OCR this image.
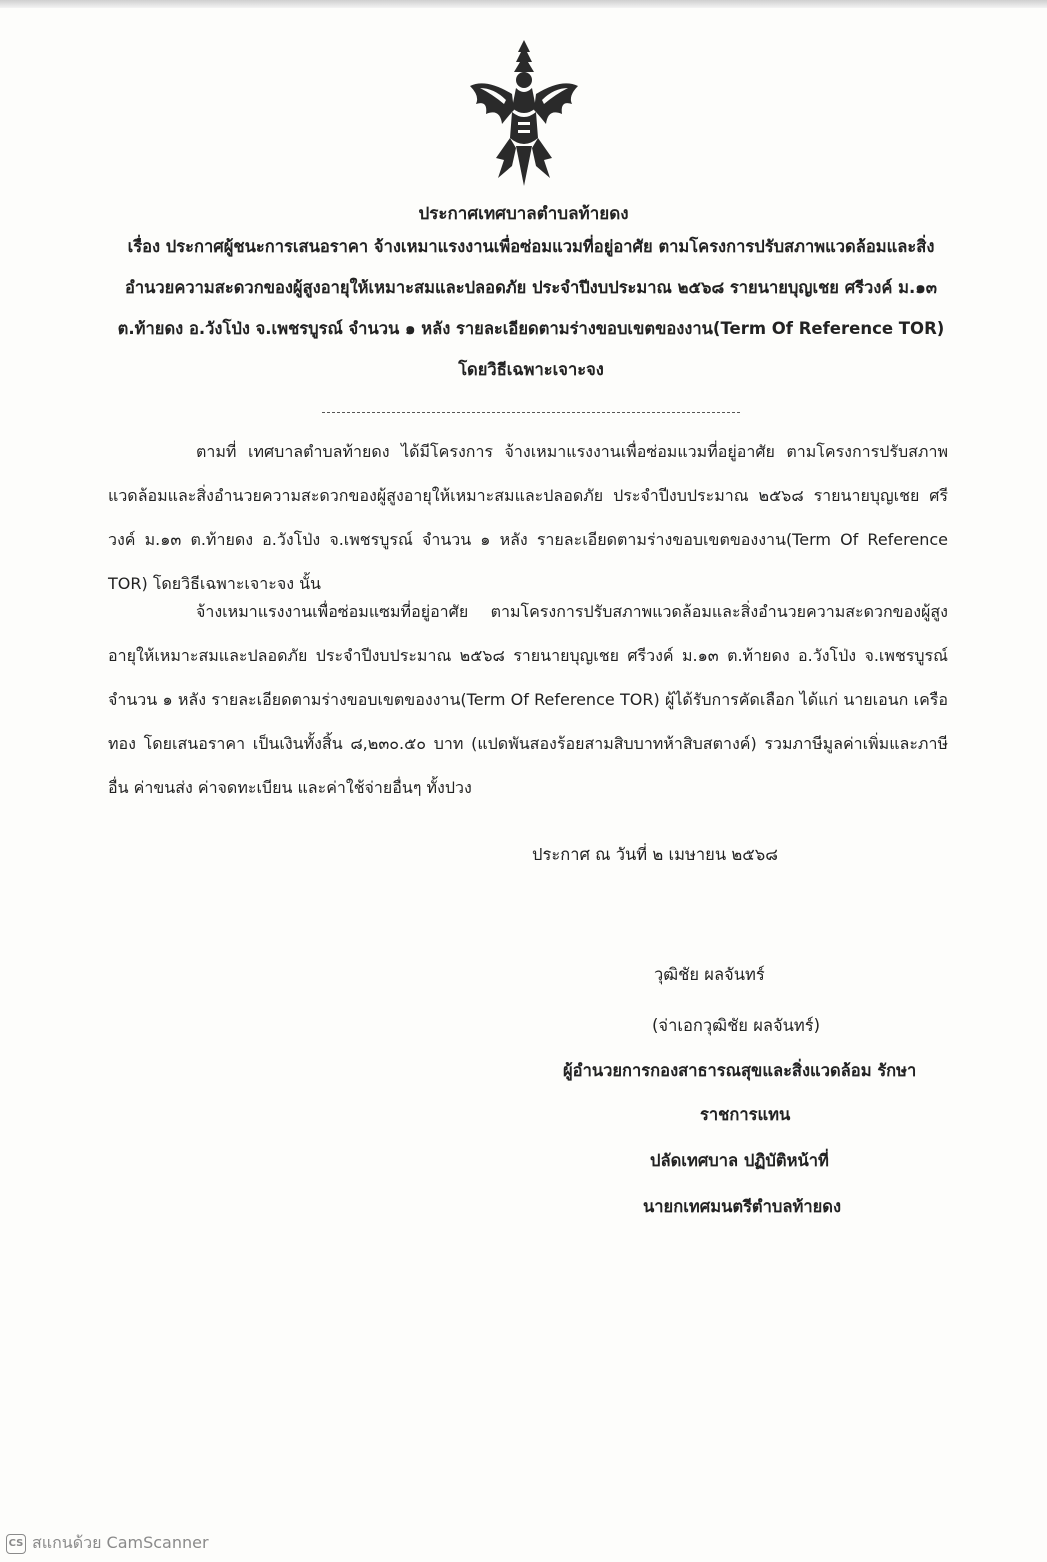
ประกาศเทศบาลตำบลท้ายดง
เรื่อง ประกาศผู้ชนะการเสนอราคา จ้างเหมาแรงงานเพื่อซ่อมแวมที่อยู่อาศัย ตามโครงการปรับสภาพแวดล้อมและสิ่งอำนวยความสะดวกของผู้สูงอายุให้เหมาะสมและปลอดภัย ประจำปีงบประมาณ ๒๕๖๘ รายนายบุญเชย ศรีวงค์ ม.๑๓ ต.ท้ายดง อ.วังโป่ง จ.เพชรบูรณ์ จำนวน ๑ หลัง รายละเอียดตามร่างขอบเขตของงาน(Term Of Reference TOR) โดยวิธีเฉพาะเจาะจง
ตามที่ เทศบาลตำบลท้ายดง ได้มีโครงการ จ้างเหมาแรงงานเพื่อซ่อมแวมที่อยู่อาศัย ตามโครงการปรับสภาพแวดล้อมและสิ่งอำนวยความสะดวกของผู้สูงอายุให้เหมาะสมและปลอดภัย ประจำปีงบประมาณ ๒๕๖๘ รายนายบุญเชย ศรีวงค์ ม.๑๓ ต.ท้ายดง อ.วังโป่ง จ.เพชรบูรณ์ จำนวน ๑ หลัง รายละเอียดตามร่างขอบเขตของงาน(Term Of Reference TOR) โดยวิธีเฉพาะเจาะจง นั้น
จ้างเหมาแรงงานเพื่อซ่อมแซมที่อยู่อาศัย ตามโครงการปรับสภาพแวดล้อมและสิ่งอำนวยความสะดวกของผู้สูงอายุให้เหมาะสมและปลอดภัย ประจำปีงบประมาณ ๒๕๖๘ รายนายบุญเชย ศรีวงค์ ม.๑๓ ต.ท้ายดง อ.วังโป่ง จ.เพชรบูรณ์ จำนวน ๑ หลัง รายละเอียดตามร่างขอบเขตของงาน(Term Of Reference TOR) ผู้ได้รับการคัดเลือก ได้แก่ นายเอนก เครือทอง โดยเสนอราคา เป็นเงินทั้งสิ้น ๘,๒๓๐.๕๐ บาท (แปดพันสองร้อยสามสิบบาทห้าสิบสตางค์) รวมภาษีมูลค่าเพิ่มและภาษีอื่น ค่าขนส่ง ค่าจดทะเบียน และค่าใช้จ่ายอื่นๆ ทั้งปวง
ประกาศ ณ วันที่ ๒ เมษายน ๒๕๖๘
วุฒิชัย ผลจันทร์
(จ่าเอกวุฒิชัย ผลจันทร์)
ผู้อำนวยการกองสาธารณสุขและสิ่งแวดล้อม รักษา
ราชการแทน
ปลัดเทศบาล ปฏิบัติหน้าที่
นายกเทศมนตรีตำบลท้ายดง
CS สแกนด้วย CamScanner
